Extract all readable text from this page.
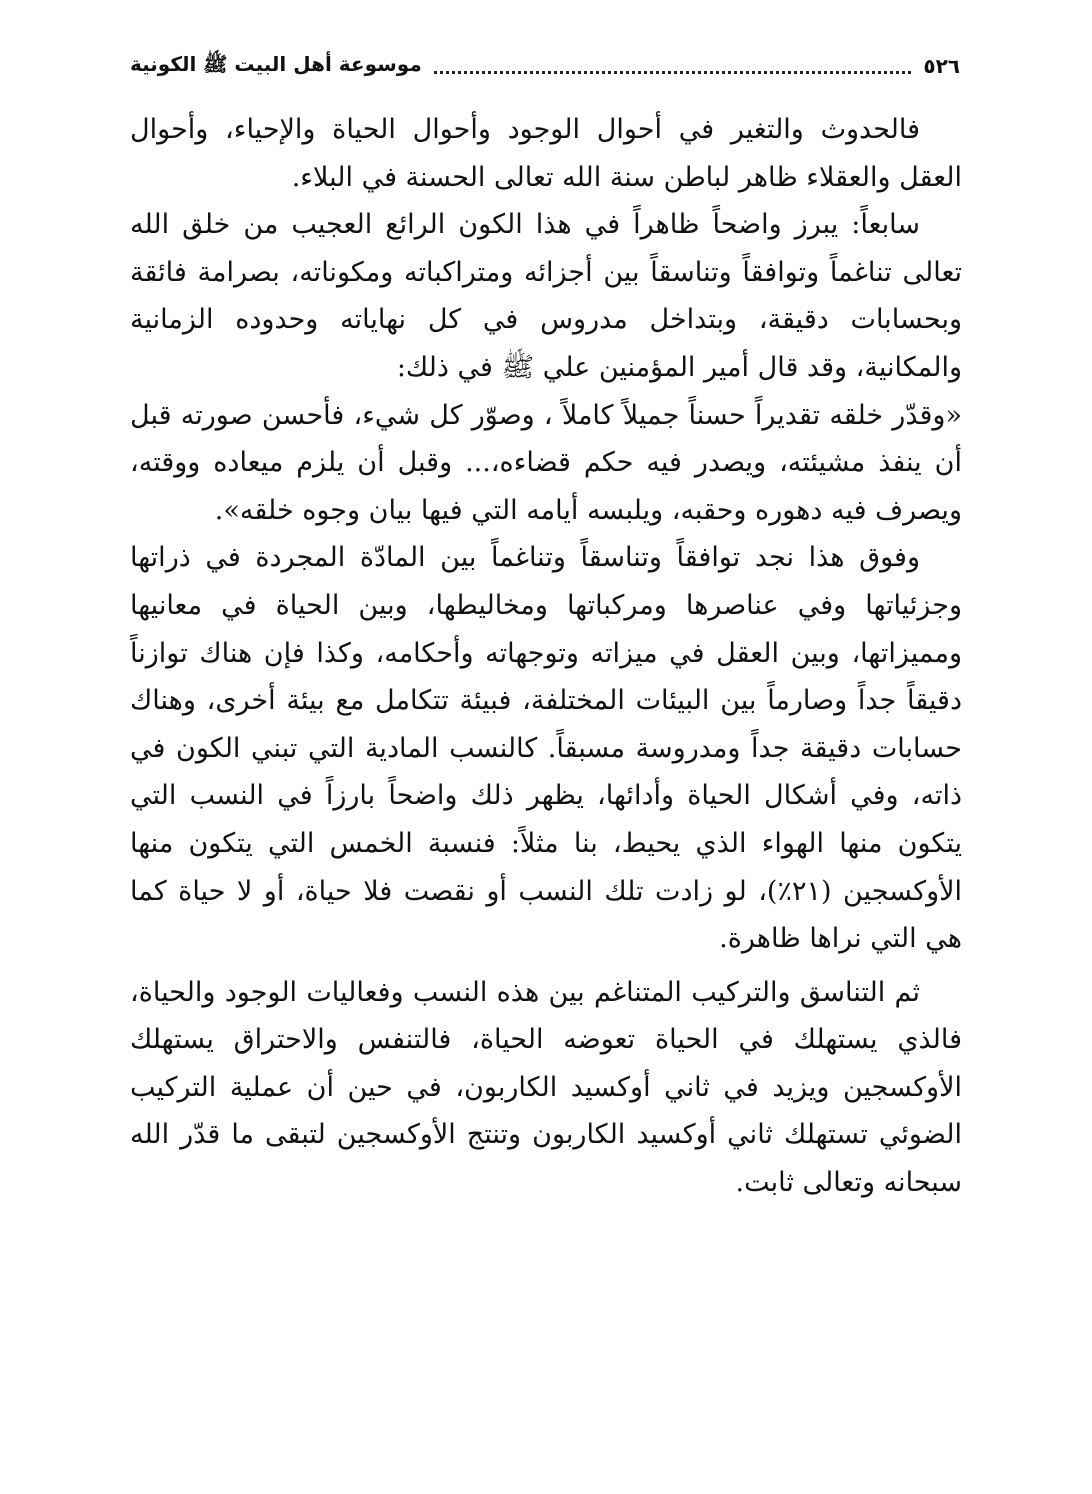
٥٢٦
موسوعة أهل البيت ﷺ الكونية

فالحدوث والتغير في أحوال الوجود وأحوال الحياة والإحياء، وأحوال العقل والعقلاء ظاهر لباطن سنة الله تعالى الحسنة في البلاء.

سابعاً: يبرز واضحاً ظاهراً في هذا الكون الرائع العجيب من خلق الله تعالى تناغماً وتوافقاً وتناسقاً بين أجزائه ومتراكباته ومكوناته، بصرامة فائقة وبحسابات دقيقة، وبتداخل مدروس في كل نهاياته وحدوده الزمانية والمكانية، وقد قال أمير المؤمنين علي ﷺ في ذلك:

«وقدّر خلقه تقديراً حسناً جميلاً كاملاً ، وصوّر كل شيء، فأحسن صورته قبل أن ينفذ مشيئته، ويصدر فيه حكم قضاءه،... وقبل أن يلزم ميعاده ووقته، ويصرف فيه دهوره وحقبه، ويلبسه أيامه التي فيها بيان وجوه خلقه».

وفوق هذا نجد توافقاً وتناسقاً وتناغماً بين المادّة المجردة في ذراتها وجزئياتها وفي عناصرها ومركباتها ومخاليطها، وبين الحياة في معانيها ومميزاتها، وبين العقل في ميزاته وتوجهاته وأحكامه، وكذا فإن هناك توازناً دقيقاً جداً وصارماً بين البيئات المختلفة، فبيئة تتكامل مع بيئة أخرى، وهناك حسابات دقيقة جداً ومدروسة مسبقاً. كالنسب المادية التي تبني الكون في ذاته، وفي أشكال الحياة وأدائها، يظهر ذلك واضحاً بارزاً في النسب التي يتكون منها الهواء الذي يحيط، بنا مثلاً: فنسبة الخمس التي يتكون منها الأوكسجين (٢١٪)، لو زادت تلك النسب أو نقصت فلا حياة، أو لا حياة كما هي التي نراها ظاهرة.

ثم التناسق والتركيب المتناغم بين هذه النسب وفعاليات الوجود والحياة، فالذي يستهلك في الحياة تعوضه الحياة، فالتنفس والاحتراق يستهلك الأوكسجين ويزيد في ثاني أوكسيد الكاربون، في حين أن عملية التركيب الضوئي تستهلك ثاني أوكسيد الكاربون وتنتج الأوكسجين لتبقى ما قدّر الله سبحانه وتعالى ثابت.
